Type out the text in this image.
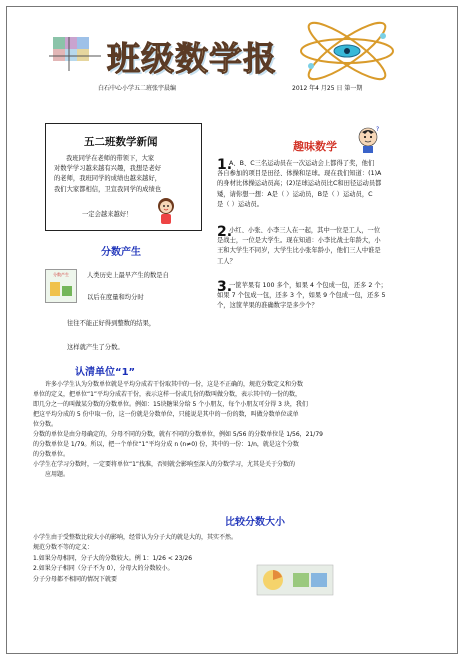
班级数学报
白石中心小学五二班张宇晨编	2012 年4 月25 日 第一期
五二班数学新闻
我班同学在老师的带领下，大家
对数学学习越来越有兴趣，我想是老好
的老师，我班同学的成绩也越来越好，
我们大家都相信，卫宣我同学的成绩也
一定会越来越好！
分数产生
分数产生	人类历史上最早产生的数是自
以后在度量和均分时
往往不能正好得到整数的结果，
这样就产生了分数。
趣味数学
?
1.
A、B、C三名运动员在一次运动会上都得了奖，他们
各自参加的项目是田径、体操和足球。现在我们知道：(1)A
的身材比体操运动员高；(2)足球运动员比C和田径运动员都
矮，请你想一想：A是（ ）运动员，B是（ ）运动员，C
是（ ）运动员。
2.
小红、小张、小李三人在一起，其中一位是工人，一位
是战士，一位是大学生。现在知道：小李比战士年龄大，小
王和大学生不同岁，大学生比小张年龄小，他们三人中谁是
工人？
3.
一筐苹果有 100 多个，如果 4 个包成一包，还多 2 个；
如果 7 个包成一包，还多 3 个，如果 9 个包成一包，还多 5
个，这筐苹果的准确数字是多少个？
认清单位“1”
许多小学生认为分数单位就是平均分成若干份取其中的一份，这是不正确的，规范分数定义和分数
单位的定义，把单位“1”平均分成若干份，表示这样一份或几份的数叫做分数，表示其中的一份的数，
即几分之一的叫做某分数的分数单位。例如：15块糖果分给 5 个小朋友，每个小朋友可分得 3 块，我们
把这平均分成的 5 份中取一份，这一份就是分数单位，只能说是其中的一份的数，叫做分数单位或单
位分数。
分数的单位是由分母确定的，分母不同的分数，就有不同的分数单位，例如 5/56 的分数单位是 1/56，21/79
的分数单位是 1/79。所以，把一个单位“1”平均分成 n (n≠0) 份，其中的一份：1/n，就是这个分数
的分数单位。
小学生在学习分数时，一定要将单位“1”找准，否则就会影响至深入的分数学习，尤其是关于分数的
应用题。
比较分数大小
小学生由于受整数比较大小的影响，经常认为分子大的就是大的，其实不然。
规范分数不等的定义：
1.如果分母相同，分子大的分数较大。例 1：1/26 < 23/26
2.如果分子相同（分子不为 0），分母大的分数较小。
分子分母都不相同的情况下就要
